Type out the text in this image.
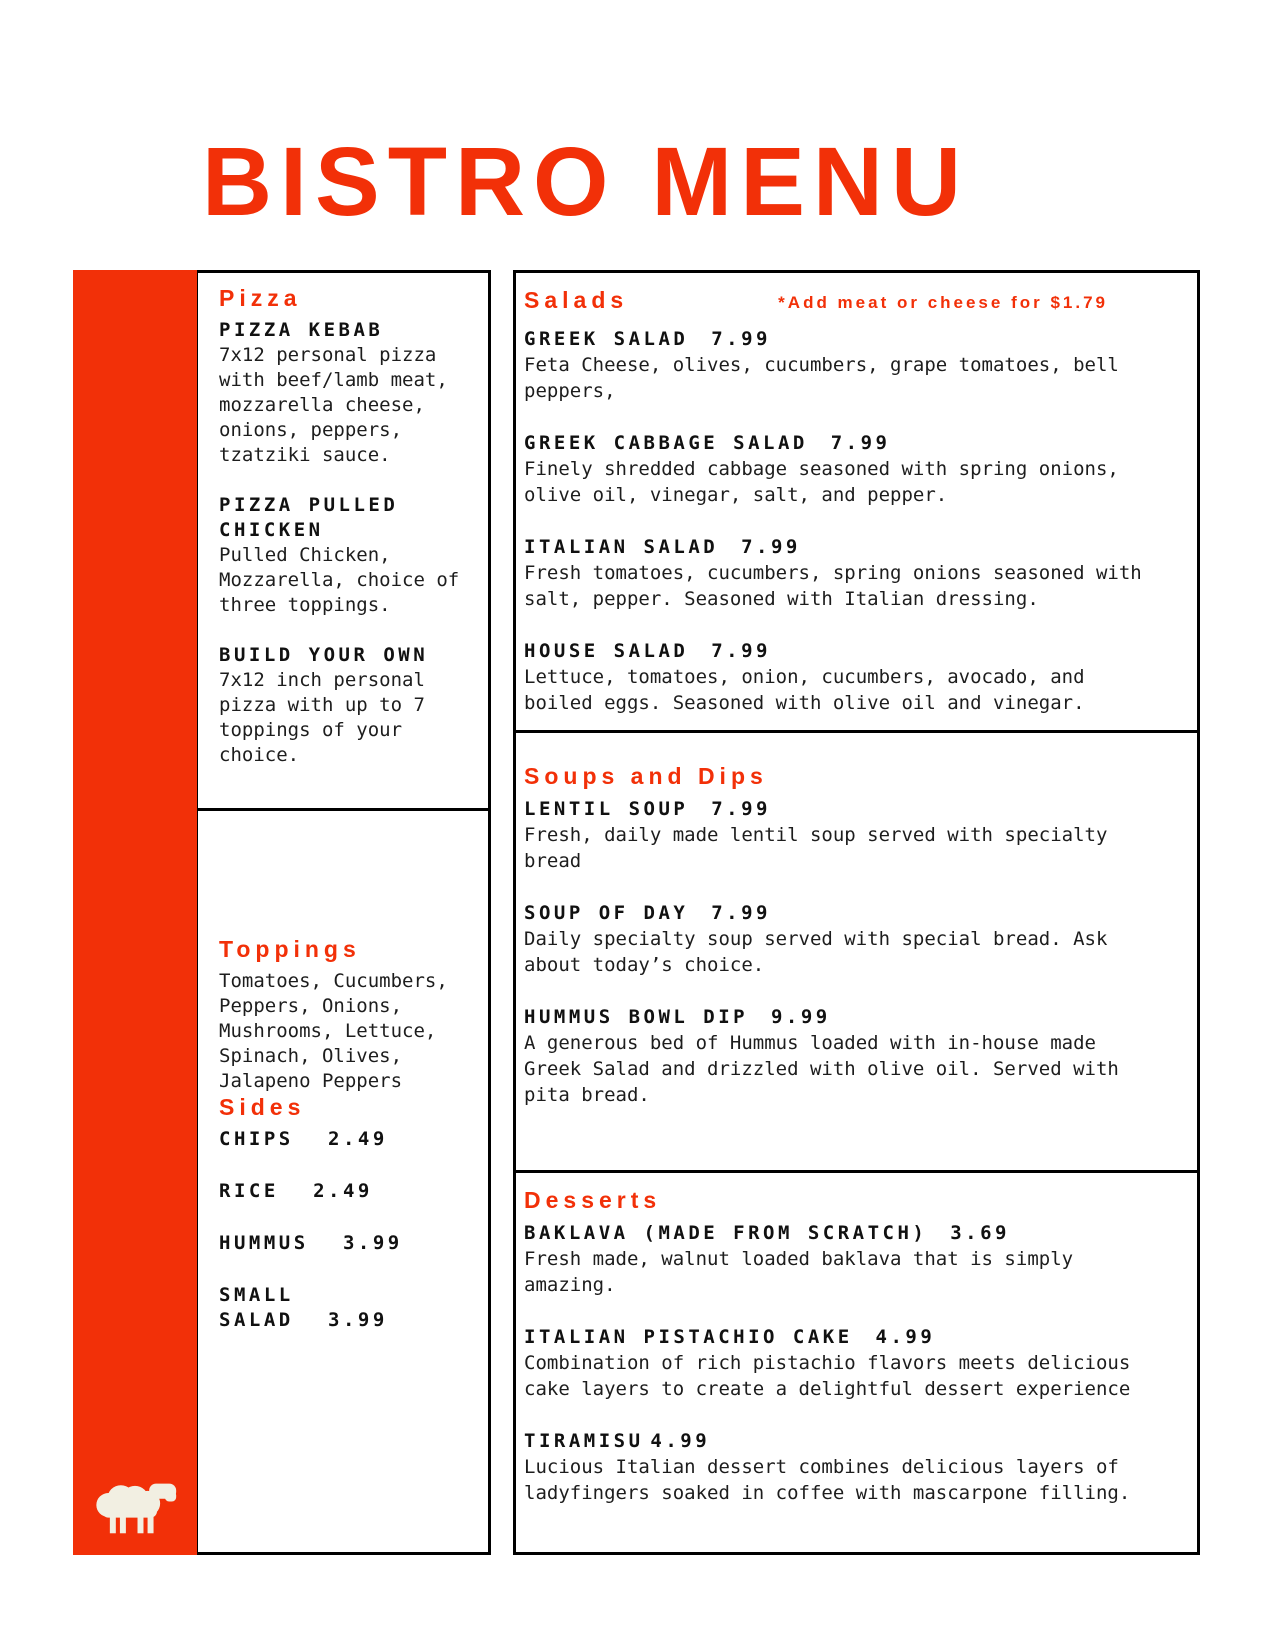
BISTRO MENU
Pizza
PIZZA KEBAB
7x12 personal pizza with beef/lamb meat, mozzarella cheese, onions, peppers, tzatziki sauce.
PIZZA PULLED CHICKEN
Pulled Chicken, Mozzarella, choice of three toppings.
BUILD YOUR OWN
7x12 inch personal pizza with up to 7 toppings of your choice.
Toppings
Tomatoes, Cucumbers, Peppers, Onions, Mushrooms, Lettuce, Spinach, Olives, Jalapeno Peppers
Sides
CHIPS 2.49
RICE 2.49
HUMMUS 3.99
SMALL SALAD 3.99
Salads	*Add meat or cheese for $1.79
GREEK SALAD 7.99
Feta Cheese, olives, cucumbers, grape tomatoes, bell peppers,
GREEK CABBAGE SALAD 7.99
Finely shredded cabbage seasoned with spring onions, olive oil, vinegar, salt, and pepper.
ITALIAN SALAD 7.99
Fresh tomatoes, cucumbers, spring onions seasoned with salt, pepper. Seasoned with Italian dressing.
HOUSE SALAD 7.99
Lettuce, tomatoes, onion, cucumbers, avocado, and boiled eggs. Seasoned with olive oil and vinegar.
Soups and Dips
LENTIL SOUP 7.99
Fresh, daily made lentil soup served with specialty bread
SOUP OF DAY 7.99
Daily specialty soup served with special bread. Ask about today’s choice.
HUMMUS BOWL DIP 9.99
A generous bed of Hummus loaded with in-house made Greek Salad and drizzled with olive oil. Served with pita bread.
Desserts
BAKLAVA (MADE FROM SCRATCH) 3.69
Fresh made, walnut loaded baklava that is simply amazing.
ITALIAN PISTACHIO CAKE 4.99
Combination of rich pistachio flavors meets delicious cake layers to create a delightful dessert experience
TIRAMISU 4.99
Lucious Italian dessert combines delicious layers of ladyfingers soaked in coffee with mascarpone filling.
